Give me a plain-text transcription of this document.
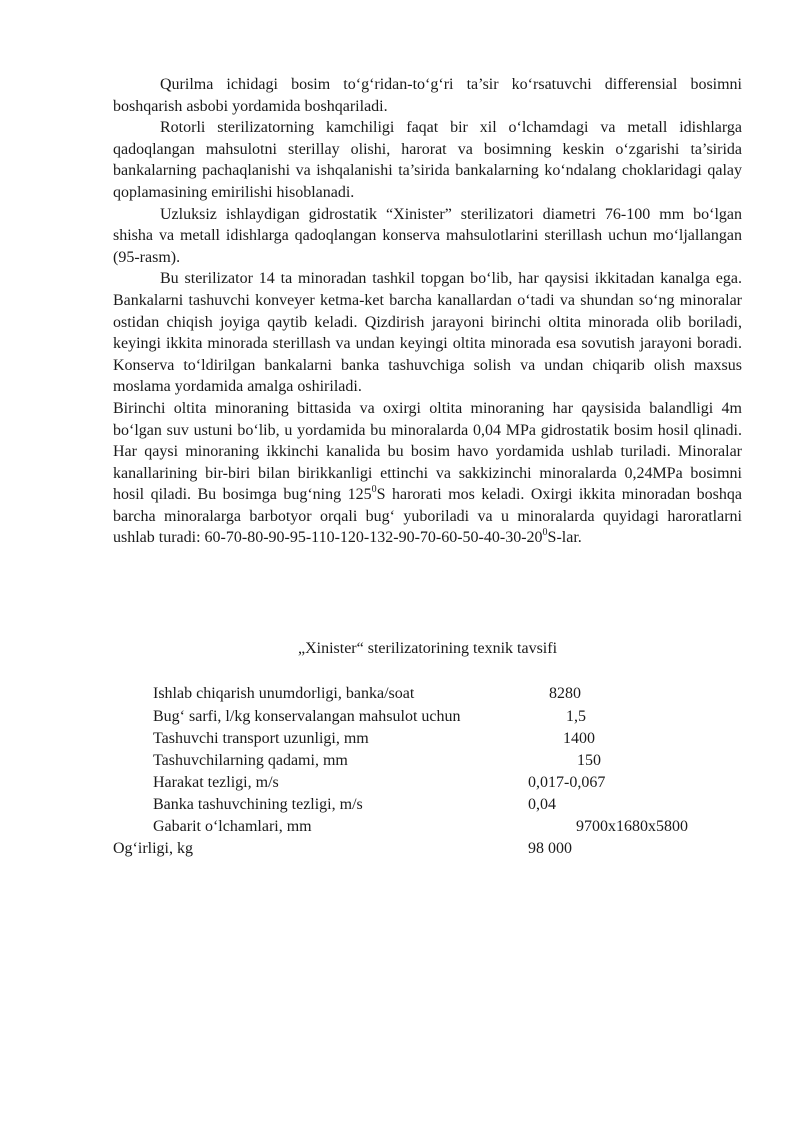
Qurilma ichidagi bosim to‘g‘ridan-to‘g‘ri ta’sir ko‘rsatuvchi differensial bosimni boshqarish asbobi yordamida boshqariladi.

Rotorli sterilizatorning kamchiligi faqat bir xil o‘lchamdagi va metall idishlarga qadoqlangan mahsulotni sterillay olishi, harorat va bosimning keskin o‘zgarishi ta’sirida bankalarning pachaqlanishi va ishqalanishi ta’sirida bankalarning ko‘ndalang choklaridagi qalay qoplamasining emirilishi hisoblanadi.

Uzluksiz ishlaydigan gidrostatik “Xinister” sterilizatori diametri 76-100 mm bo‘lgan shisha va metall idishlarga qadoqlangan konserva mahsulotlarini sterillash uchun mo‘ljallangan (95-rasm).

Bu sterilizator 14 ta minoradan tashkil topgan bo‘lib, har qaysisi ikkitadan kanalga ega. Bankalarni tashuvchi konveyer ketma-ket barcha kanallardan o‘tadi va shundan so‘ng minoralar ostidan chiqish joyiga qaytib keladi. Qizdirish jarayoni birinchi oltita minorada olib boriladi, keyingi ikkita minorada sterillash va undan keyingi oltita minorada esa sovutish jarayoni boradi. Konserva to‘ldirilgan bankalarni banka tashuvchiga solish va undan chiqarib olish maxsus moslama yordamida amalga oshiriladi.

Birinchi oltita minoraning bittasida va oxirgi oltita minoraning har qaysisida balandligi 4m bo‘lgan suv ustuni bo‘lib, u yordamida bu minoralarda 0,04 MPa gidrostatik bosim hosil qlinadi. Har qaysi minoraning ikkinchi kanalida bu bosim havo yordamida ushlab turiladi. Minoralar kanallarining bir-biri bilan birikkanligi ettinchi va sakkizinchi minoralarda 0,24MPa bosimni hosil qiladi. Bu bosimga bug‘ning $125^0S$ harorati mos keladi. Oxirgi ikkita minoradan boshqa barcha minoralarga barbotyor orqali bug‘ yuboriladi va u minoralarda quyidagi haroratlarni ushlab turadi: $60-70-80-90-95-110-120-132-90-70-60-50-40-30-20^0S$-lar.

„Xinister“ sterilizatorining texnik tavsifi

Ishlab chiqarish unumdorligi, banka/soat	8280
Bug‘ sarfi, l/kg konservalangan mahsulot uchun	1,5
Tashuvchi transport uzunligi, mm	1400
Tashuvchilarning qadami, mm	150
Harakat tezligi, m/s	0,017-0,067
Banka tashuvchining tezligi, m/s	0,04
Gabarit o‘lchamlari, mm	9700x1680x5800
Og‘irligi, kg	98 000
